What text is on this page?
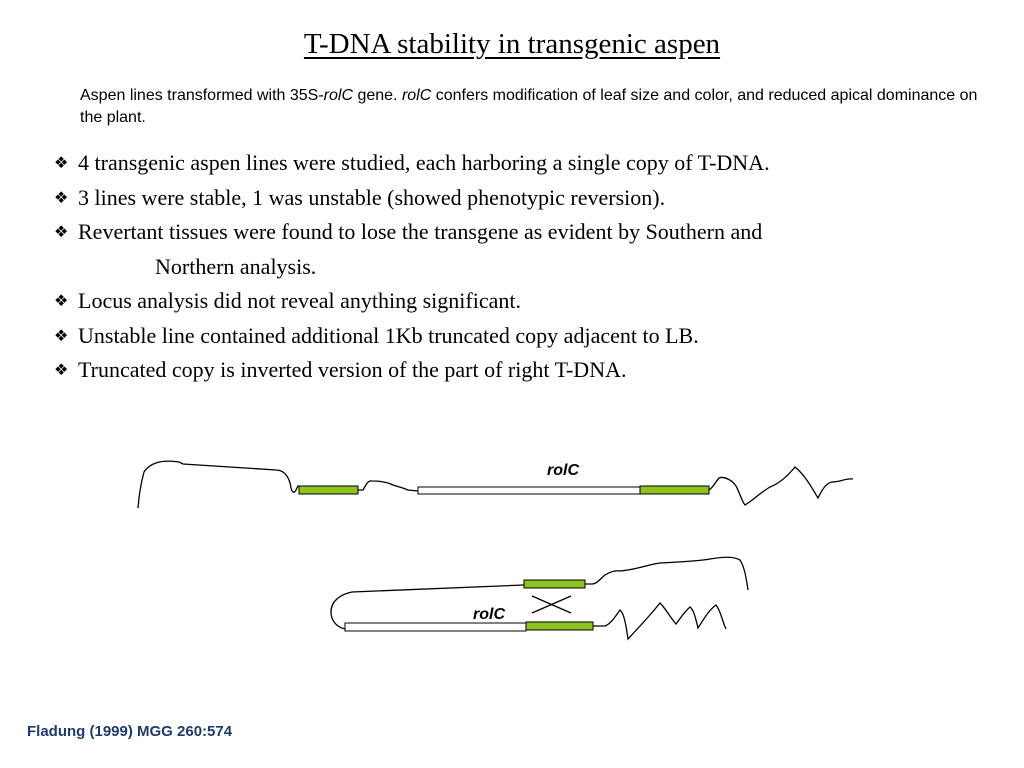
T-DNA stability in transgenic aspen
Aspen lines transformed with 35S-rolC gene. rolC confers modification of leaf size and color, and reduced apical dominance on the plant.
❖ 4 transgenic aspen lines were studied, each harboring a single copy of T-DNA.
❖ 3 lines were stable, 1 was unstable (showed phenotypic reversion).
❖ Revertant tissues were found to lose the transgene as evident by Southern and
Northern analysis.
❖ Locus analysis did not reveal anything significant.
❖ Unstable line contained additional 1Kb truncated copy adjacent to LB.
❖ Truncated copy is inverted version of the part of right T-DNA.
rolC
rolC
Fladung (1999) MGG 260:574
